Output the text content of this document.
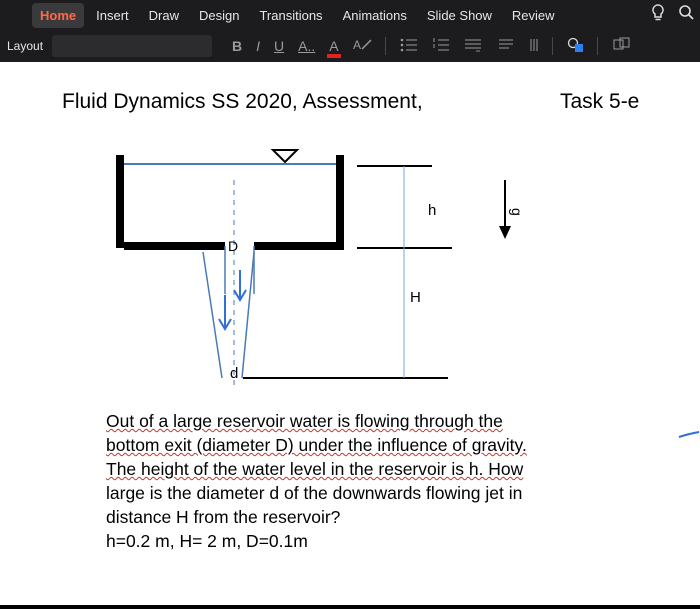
Home	Insert Draw Design Transitions Animations Slide Show Review
Layout	B I U A.. A A
Fluid Dynamics SS 2020, Assessment,	Task 5-e
h	g
D
H
d
Out of a large reservoir water is flowing through the
bottom exit (diameter D) under the influence of gravity.
The height of the water level in the reservoir is h. How
large is the diameter d of the downwards flowing jet in
distance H from the reservoir?
h=0.2 m, H= 2 m, D=0.1m
